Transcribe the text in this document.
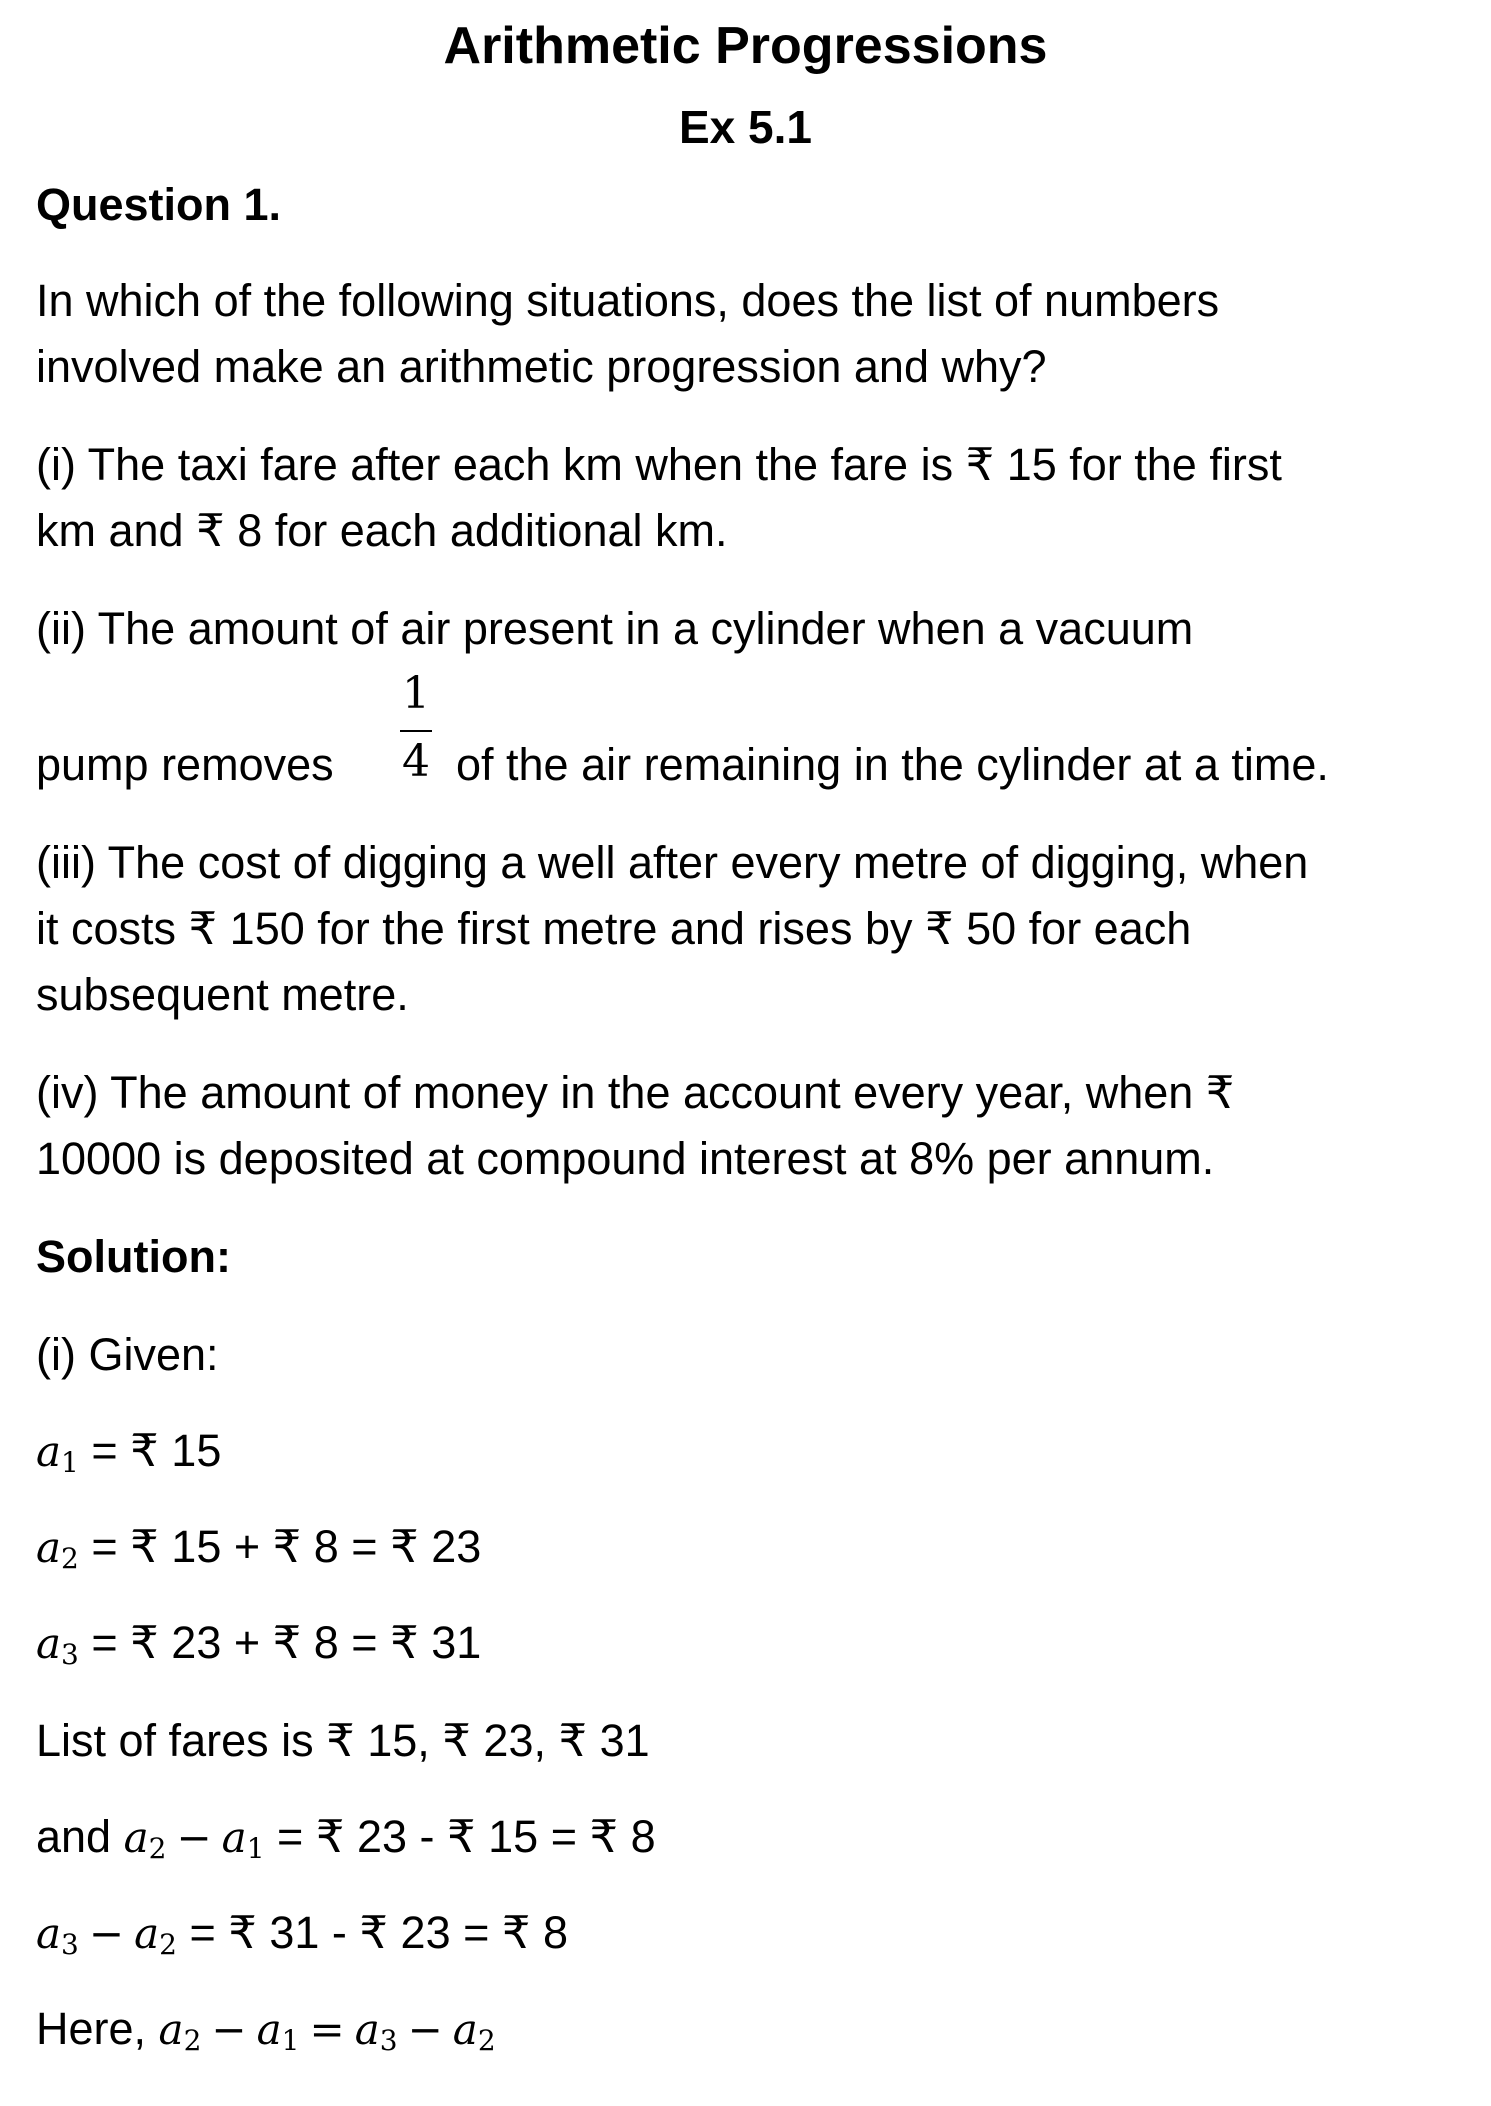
Arithmetic Progressions
Ex 5.1
Question 1.
In which of the following situations, does the list of numbers
involved make an arithmetic progression and why?
(i) The taxi fare after each km when the fare is ₹ 15 for the first
km and ₹ 8 for each additional km.
(ii) The amount of air present in a cylinder when a vacuum
pump removes
1
4 of the air remaining in the cylinder at a time.
(iii) The cost of digging a well after every metre of digging, when
it costs ₹ 150 for the first metre and rises by ₹ 50 for each
subsequent metre.
(iv) The amount of money in the account every year, when ₹
10000 is deposited at compound interest at 8% per annum.
Solution:
(i) Given:
$a_1$ = ₹ 15
$a_2$ = ₹ 15 + ₹ 8 = ₹ 23
$a_3$ = ₹ 23 + ₹ 8 = ₹ 31
List of fares is ₹ 15, ₹ 23, ₹ 31
and $a_2 - a_1$ = ₹ 23 - ₹ 15 = ₹ 8
$a_3 - a_2$ = ₹ 31 - ₹ 23 = ₹ 8
Here, $a_2 - a_1 = a_3 - a_2$
